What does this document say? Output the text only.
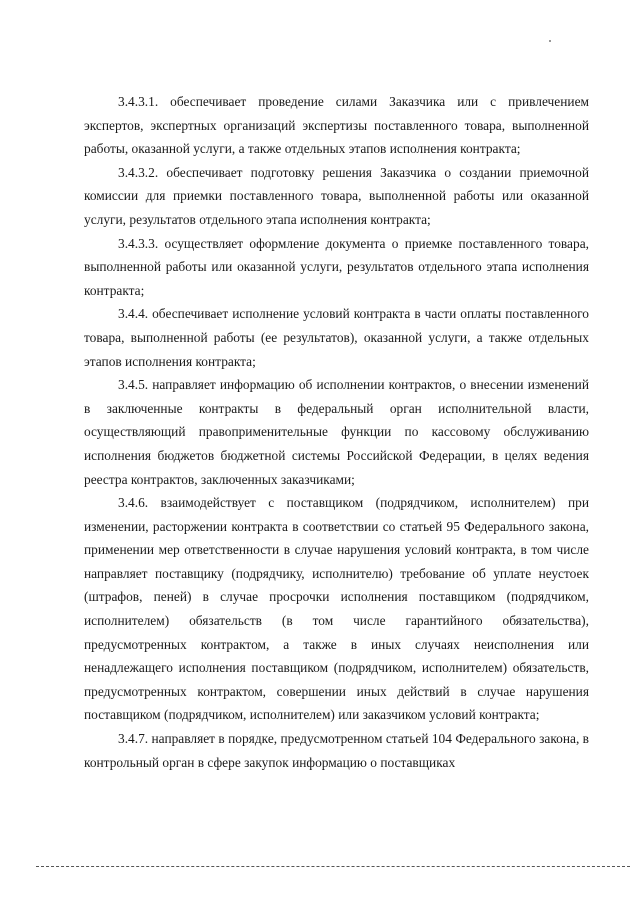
3.4.3.1. обеспечивает проведение силами Заказчика или с привлечением экспертов, экспертных организаций экспертизы поставленного товара, выполненной работы, оказанной услуги, а также отдельных этапов исполнения контракта;

3.4.3.2. обеспечивает подготовку решения Заказчика о создании приемочной комиссии для приемки поставленного товара, выполненной работы или оказанной услуги, результатов отдельного этапа исполнения контракта;

3.4.3.3. осуществляет оформление документа о приемке поставленного товара, выполненной работы или оказанной услуги, результатов отдельного этапа исполнения контракта;

3.4.4. обеспечивает исполнение условий контракта в части оплаты поставленного товара, выполненной работы (ее результатов), оказанной услуги, а также отдельных этапов исполнения контракта;

3.4.5. направляет информацию об исполнении контрактов, о внесении изменений в заключенные контракты в федеральный орган исполнительной власти, осуществляющий правоприменительные функции по кассовому обслуживанию исполнения бюджетов бюджетной системы Российской Федерации, в целях ведения реестра контрактов, заключенных заказчиками;

3.4.6. взаимодействует с поставщиком (подрядчиком, исполнителем) при изменении, расторжении контракта в соответствии со статьей 95 Федерального закона, применении мер ответственности в случае нарушения условий контракта, в том числе направляет поставщику (подрядчику, исполнителю) требование об уплате неустоек (штрафов, пеней) в случае просрочки исполнения поставщиком (подрядчиком, исполнителем) обязательств (в том числе гарантийного обязательства), предусмотренных контрактом, а также в иных случаях неисполнения или ненадлежащего исполнения поставщиком (подрядчиком, исполнителем) обязательств, предусмотренных контрактом, совершении иных действий в случае нарушения поставщиком (подрядчиком, исполнителем) или заказчиком условий контракта;

3.4.7. направляет в порядке, предусмотренном статьей 104 Федерального закона, в контрольный орган в сфере закупок информацию о поставщиках
